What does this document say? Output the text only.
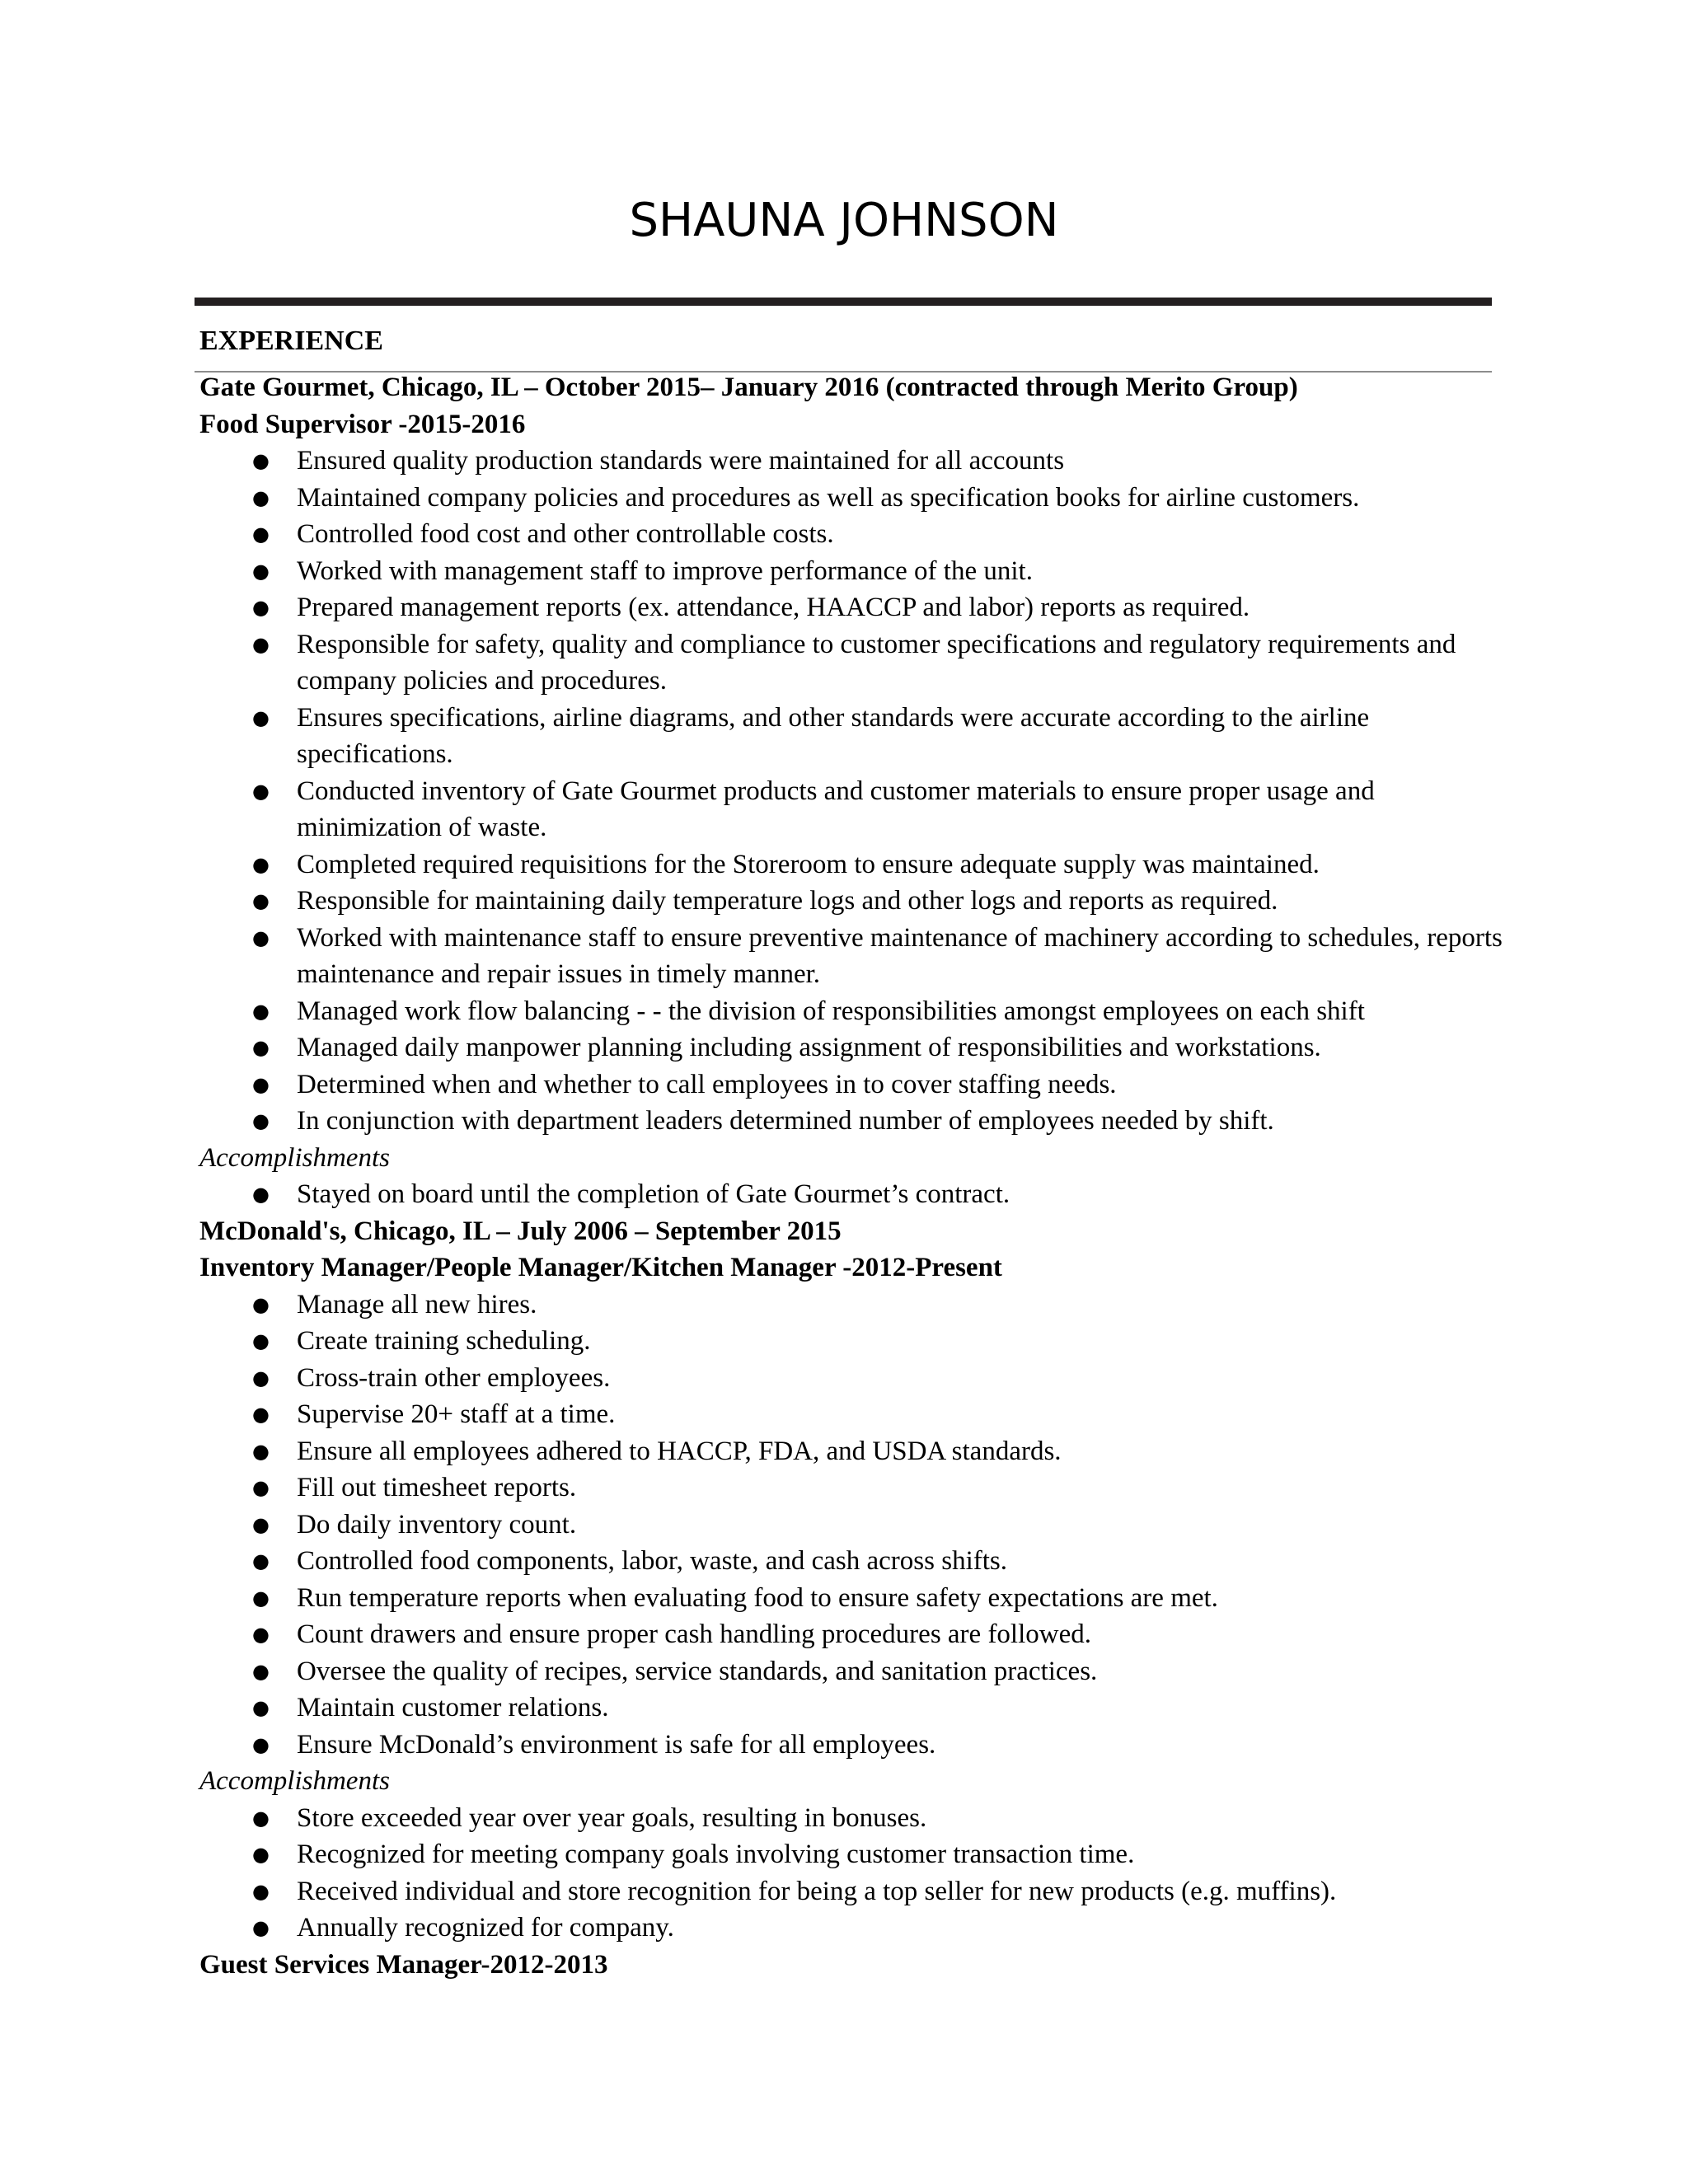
SHAUNA JOHNSON
EXPERIENCE
Gate Gourmet, Chicago, IL – October 2015– January 2016 (contracted through Merito Group)
Food Supervisor -2015-2016
● Ensured quality production standards were maintained for all accounts
● Maintained company policies and procedures as well as specification books for airline customers.
● Controlled food cost and other controllable costs.
● Worked with management staff to improve performance of the unit.
● Prepared management reports (ex. attendance, HAACCP and labor) reports as required.
● Responsible for safety, quality and compliance to customer specifications and regulatory requirements and company policies and procedures.
● Ensures specifications, airline diagrams, and other standards were accurate according to the airline specifications.
● Conducted inventory of Gate Gourmet products and customer materials to ensure proper usage and minimization of waste.
● Completed required requisitions for the Storeroom to ensure adequate supply was maintained.
● Responsible for maintaining daily temperature logs and other logs and reports as required.
● Worked with maintenance staff to ensure preventive maintenance of machinery according to schedules, reports maintenance and repair issues in timely manner.
● Managed work flow balancing - - the division of responsibilities amongst employees on each shift
● Managed daily manpower planning including assignment of responsibilities and workstations.
● Determined when and whether to call employees in to cover staffing needs.
● In conjunction with department leaders determined number of employees needed by shift.
Accomplishments
● Stayed on board until the completion of Gate Gourmet’s contract.
McDonald's, Chicago, IL – July 2006 – September 2015
Inventory Manager/People Manager/Kitchen Manager -2012-Present
● Manage all new hires.
● Create training scheduling.
● Cross-train other employees.
● Supervise 20+ staff at a time.
● Ensure all employees adhered to HACCP, FDA, and USDA standards.
● Fill out timesheet reports.
● Do daily inventory count.
● Controlled food components, labor, waste, and cash across shifts.
● Run temperature reports when evaluating food to ensure safety expectations are met.
● Count drawers and ensure proper cash handling procedures are followed.
● Oversee the quality of recipes, service standards, and sanitation practices.
● Maintain customer relations.
● Ensure McDonald’s environment is safe for all employees.
Accomplishments
● Store exceeded year over year goals, resulting in bonuses.
● Recognized for meeting company goals involving customer transaction time.
● Received individual and store recognition for being a top seller for new products (e.g. muffins).
● Annually recognized for company.
Guest Services Manager-2012-2013
